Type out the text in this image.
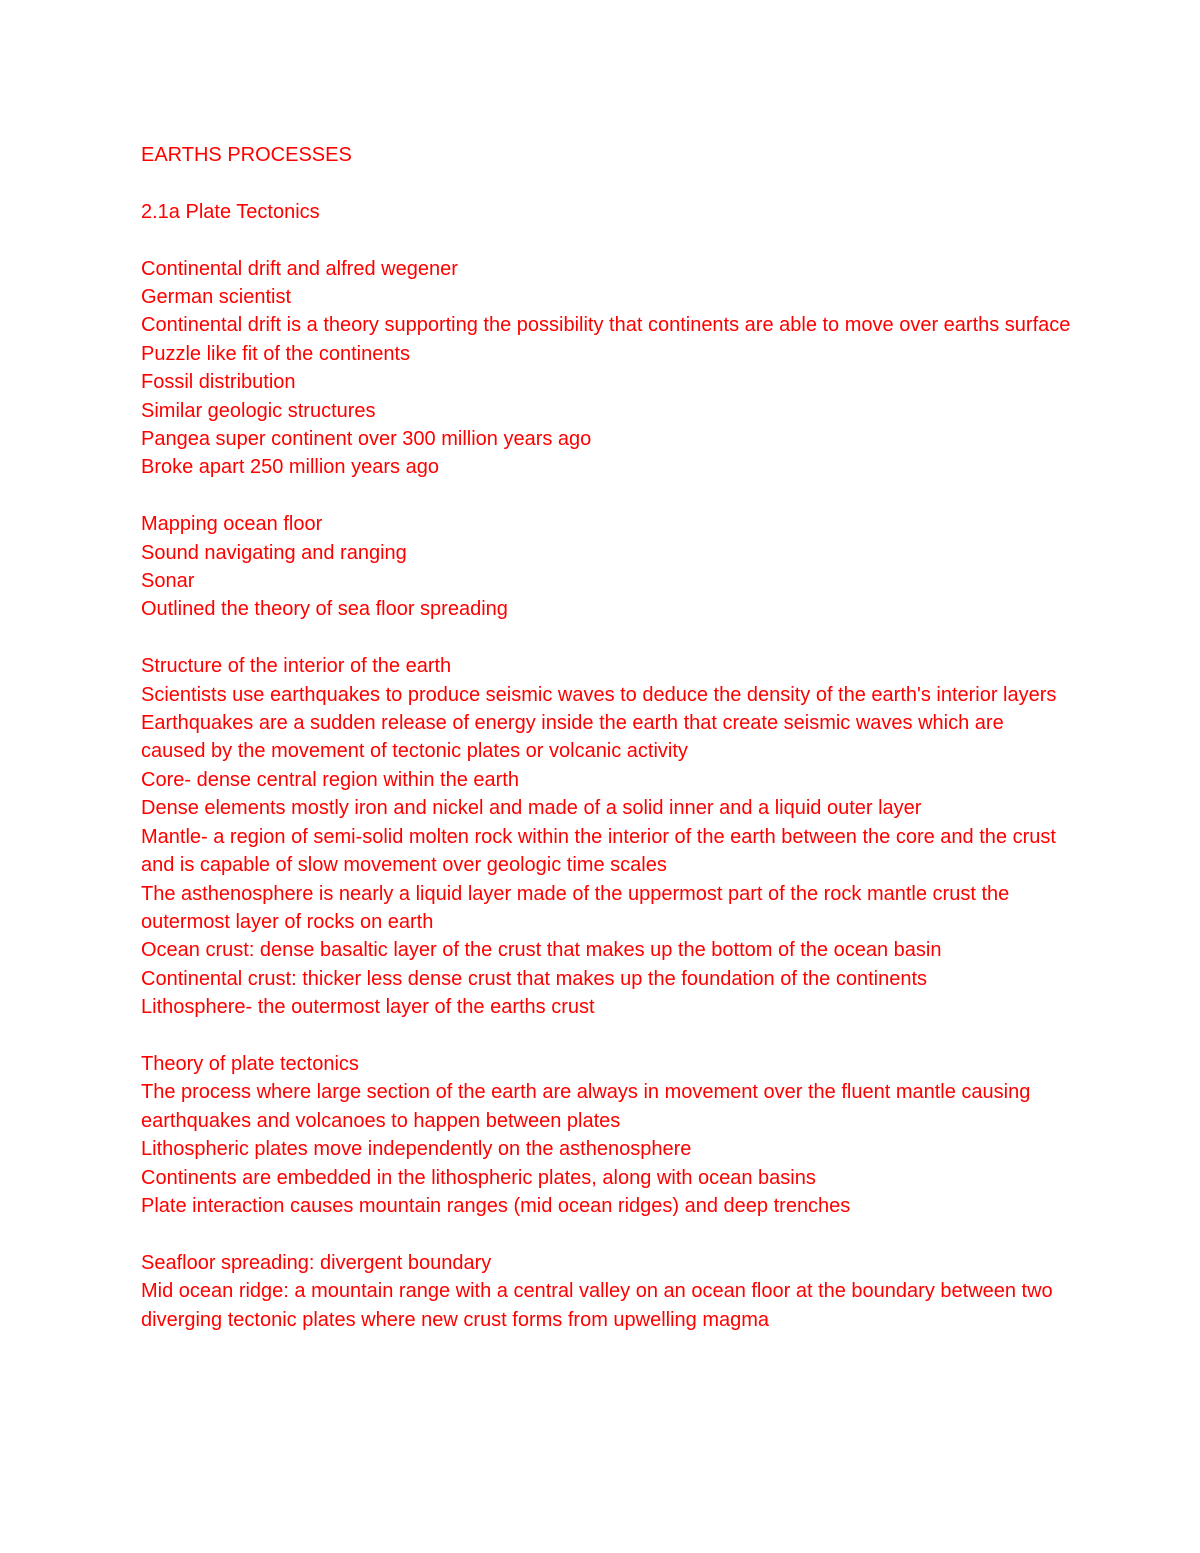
EARTHS PROCESSES

2.1a Plate Tectonics

Continental drift and alfred wegener

German scientist

Continental drift is a theory supporting the possibility that continents are able to move over earths surface

Puzzle like fit of the continents

Fossil distribution

Similar geologic structures

Pangea super continent over 300 million years ago

Broke apart 250 million years ago

Mapping ocean floor

Sound navigating and ranging

Sonar

Outlined the theory of sea floor spreading

Structure of the interior of the earth

Scientists use earthquakes to produce seismic waves to deduce the density of the earth's interior layers

Earthquakes are a sudden release of energy inside the earth that create seismic waves which are caused by the movement of tectonic plates or volcanic activity

Core- dense central region within the earth

Dense elements mostly iron and nickel and made of a solid inner and a liquid outer layer

Mantle- a region of semi-solid molten rock within the interior of the earth between the core and the crust and is capable of slow movement over geologic time scales

The asthenosphere is nearly a liquid layer made of the uppermost part of the rock mantle crust the outermost layer of rocks on earth

Ocean crust: dense basaltic layer of the crust that makes up the bottom of the ocean basin

Continental crust: thicker less dense crust that makes up the foundation of the continents

Lithosphere- the outermost layer of the earths crust

Theory of plate tectonics

The process where large section of the earth are always in movement over the fluent mantle causing earthquakes and volcanoes to happen between plates

Lithospheric plates move independently on the asthenosphere

Continents are embedded in the lithospheric plates, along with ocean basins

Plate interaction causes mountain ranges (mid ocean ridges) and deep trenches

Seafloor spreading: divergent boundary

Mid ocean ridge: a mountain range with a central valley on an ocean floor at the boundary between two diverging tectonic plates where new crust forms from upwelling magma
